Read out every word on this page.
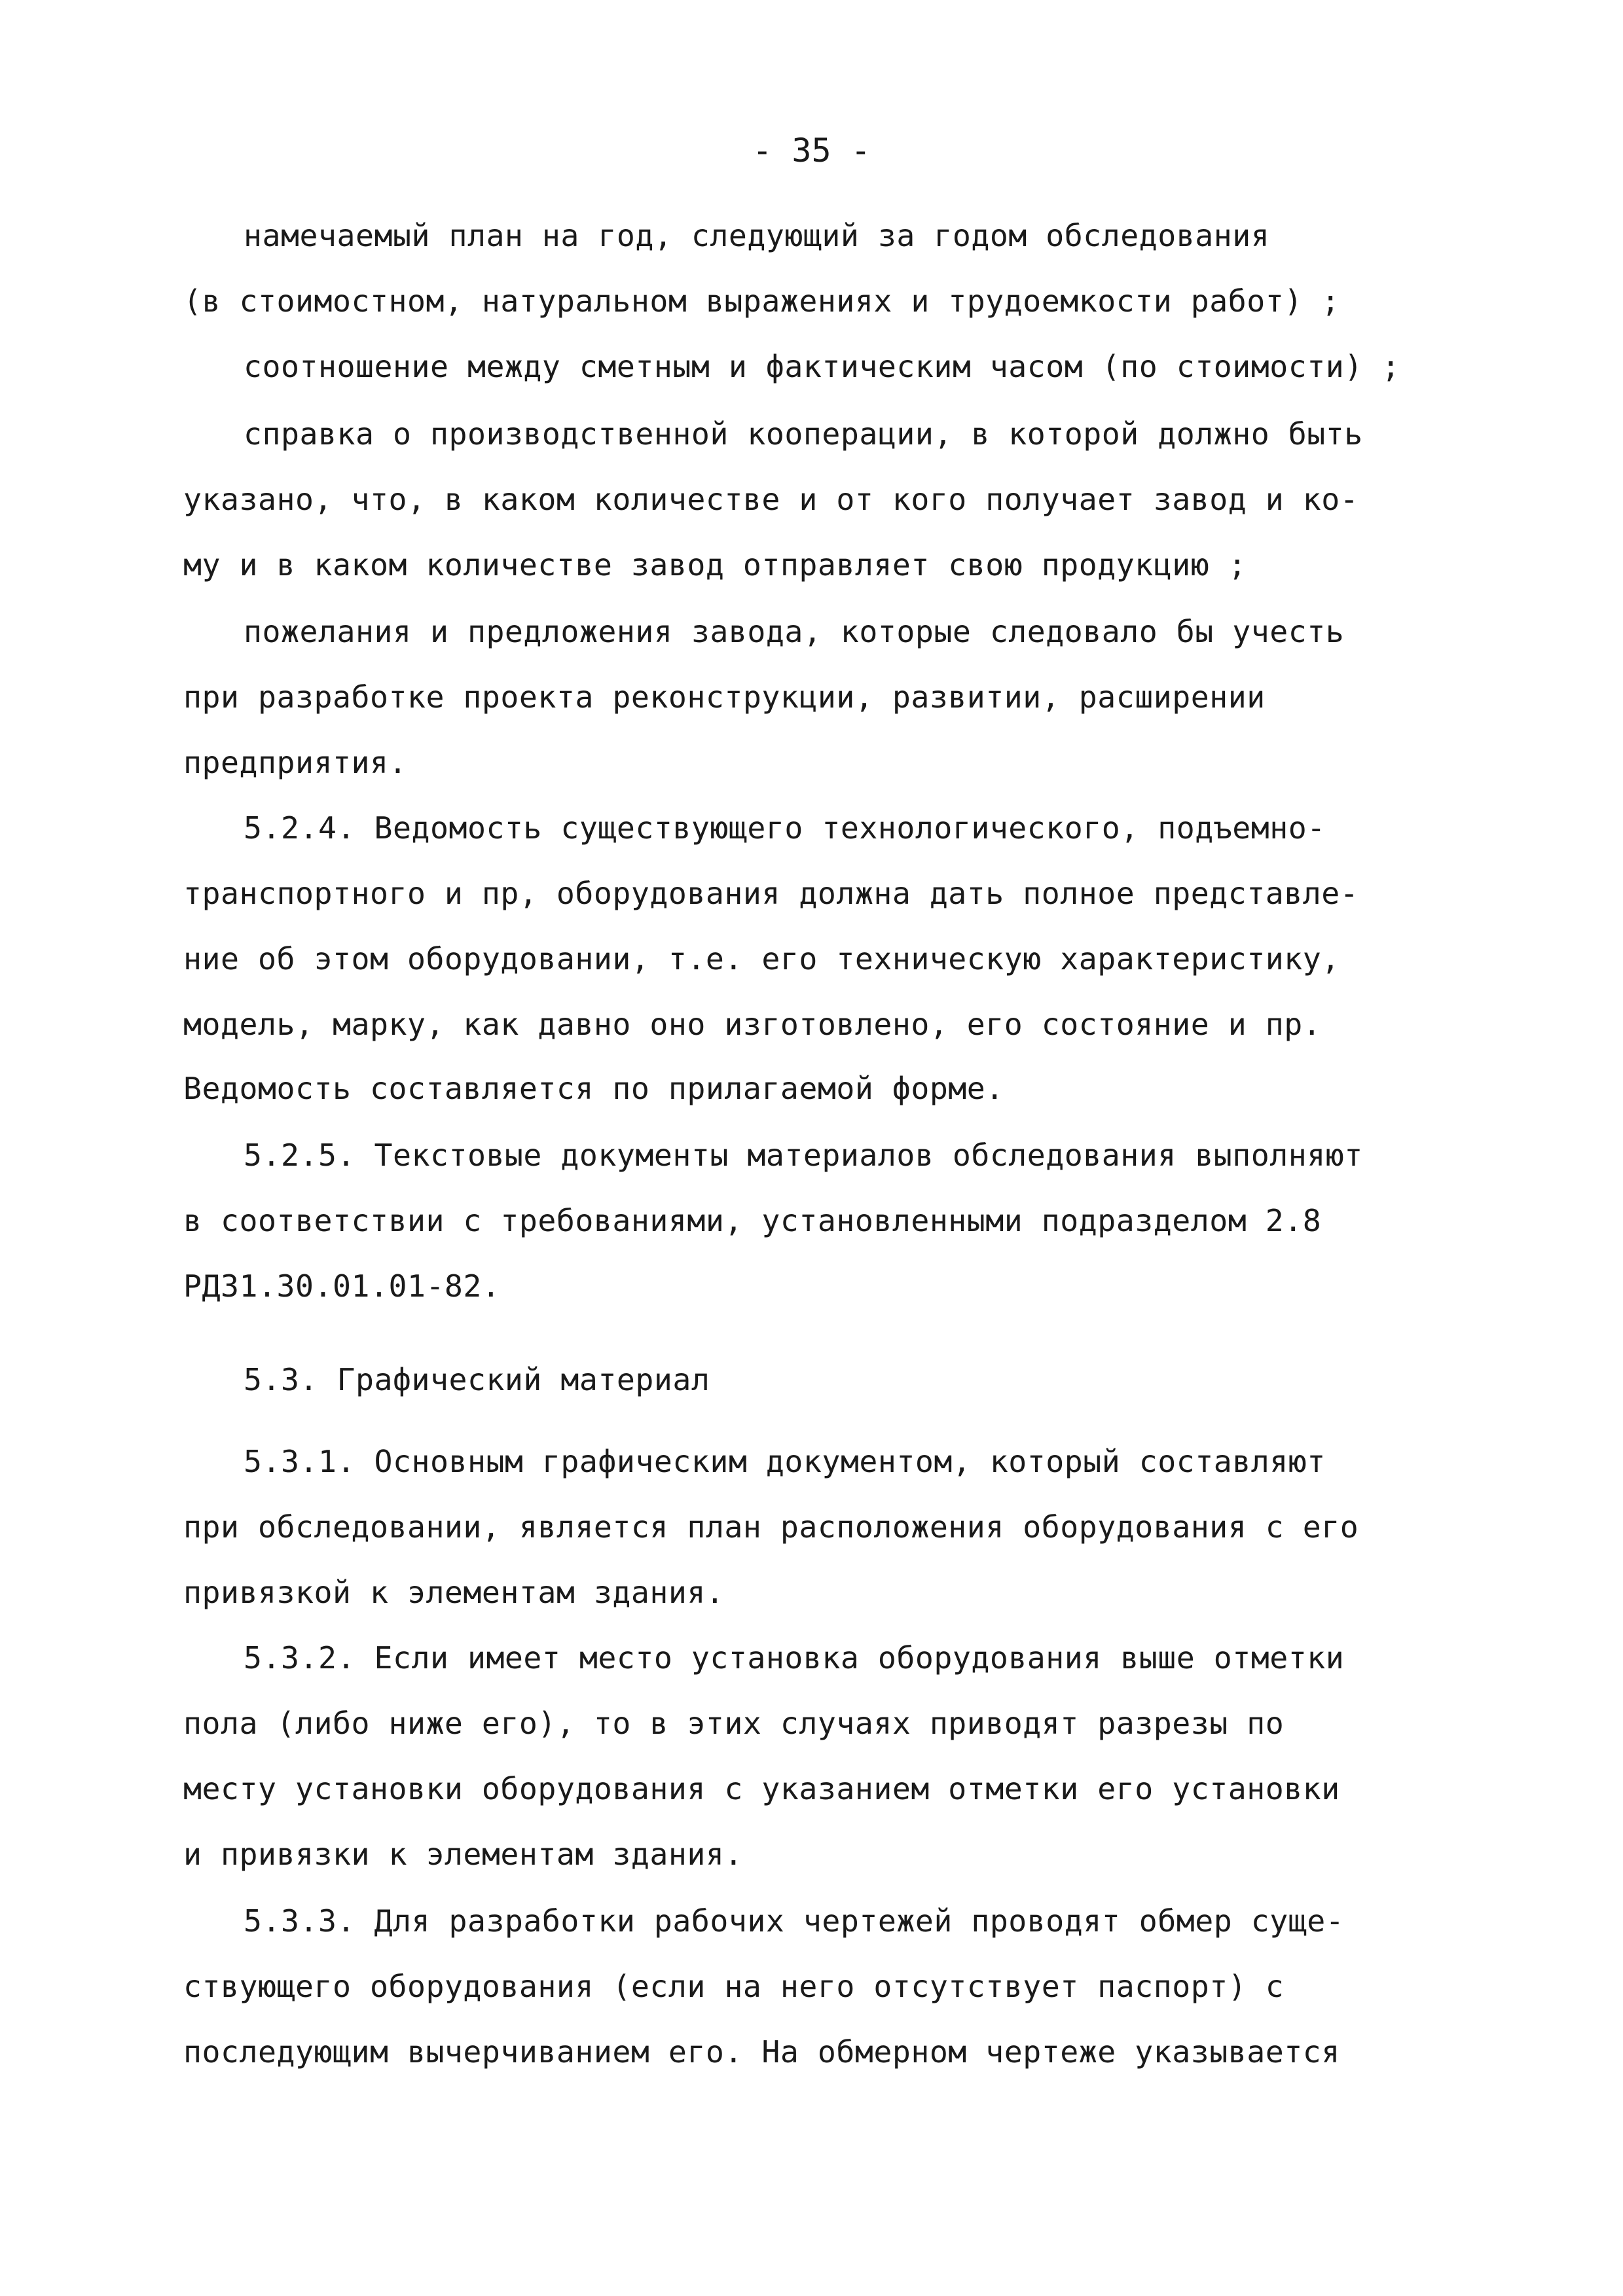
- 35 -
намечаемый план на год, следующий за годом обследования
(в стоимостном, натуральном выражениях и трудоемкости работ) ;
соотношение между сметным и фактическим часом (по стоимости) ;
справка о производственной кооперации, в которой должно быть
указано, что, в каком количестве и от кого получает завод и ко-
му и в каком количестве завод отправляет свою продукцию ;
пожелания и предложения завода, которые следовало бы учесть
при разработке проекта реконструкции, развитии, расширении
предприятия.
5.2.4. Ведомость существующего технологического, подъемно-
транспортного и пр, оборудования должна дать полное представле-
ние об этом оборудовании, т.е. его техническую характеристику,
модель, марку, как давно оно изготовлено, его состояние и пр.
Ведомость составляется по прилагаемой форме.
5.2.5. Текстовые документы материалов обследования выполняют
в соответствии с требованиями, установленными подразделом 2.8
РД31.30.01.01-82.
5.3. Графический материал
5.3.1. Основным графическим документом, который составляют
при обследовании, является план расположения оборудования с его
привязкой к элементам здания.
5.3.2. Если имеет место установка оборудования выше отметки
пола (либо ниже его), то в этих случаях приводят разрезы по
месту установки оборудования с указанием отметки его установки
и привязки к элементам здания.
5.3.3. Для разработки рабочих чертежей проводят обмер суще-
ствующего оборудования (если на него отсутствует паспорт) с
последующим вычерчиванием его. На обмерном чертеже указывается
